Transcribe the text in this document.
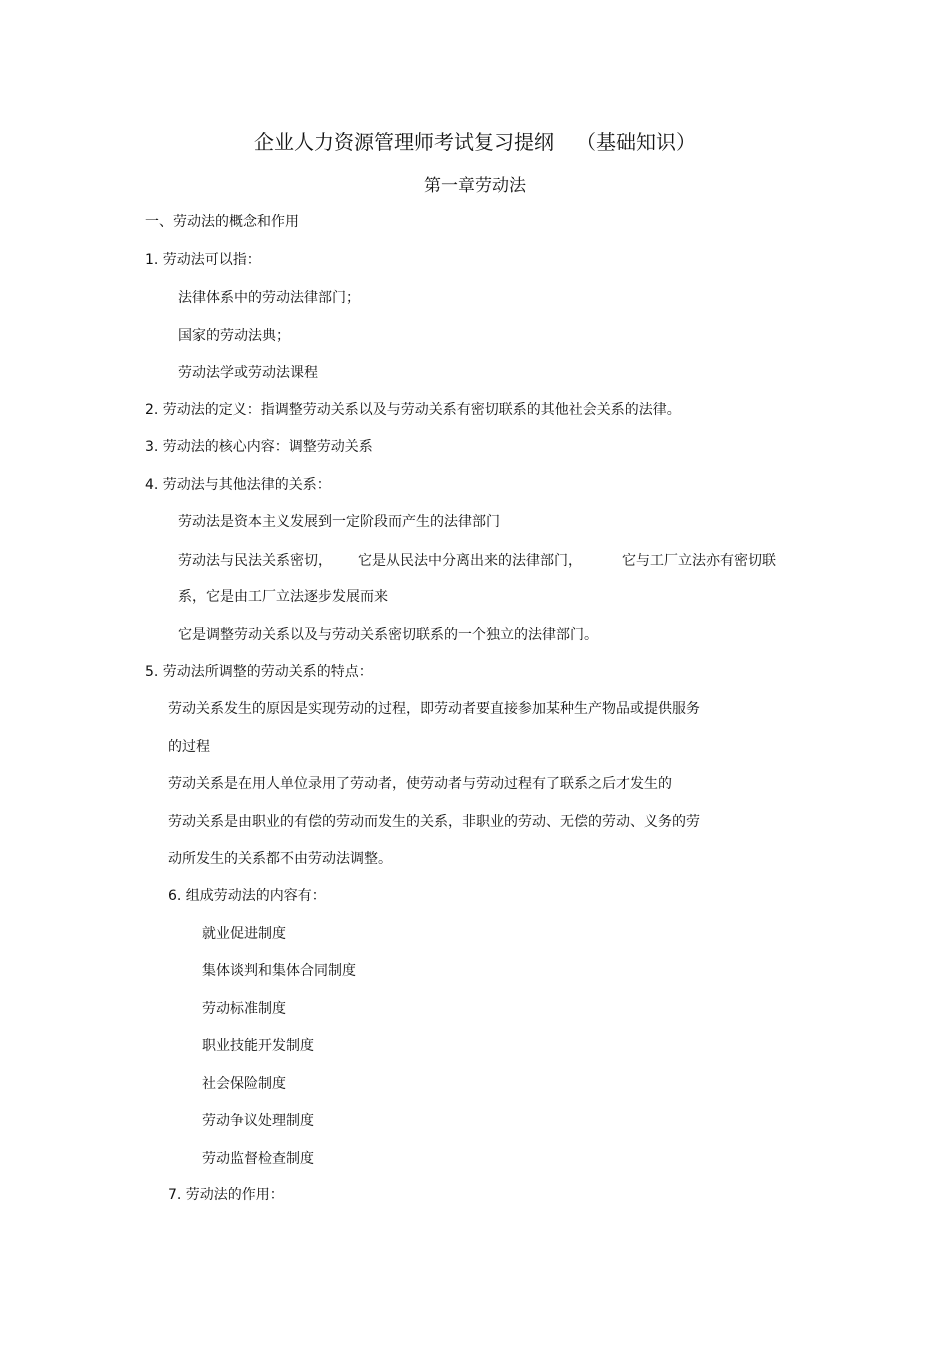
企业人力资源管理师考试复习提纲 （基础知识）
第一章劳动法
一、劳动法的概念和作用
1. 劳动法可以指：
法律体系中的劳动法律部门；
国家的劳动法典；
劳动法学或劳动法课程
2. 劳动法的定义：指调整劳动关系以及与劳动关系有密切联系的其他社会关系的法律。
3. 劳动法的核心内容：调整劳动关系
4. 劳动法与其他法律的关系：
劳动法是资本主义发展到一定阶段而产生的法律部门
劳动法与民法关系密切， 它是从民法中分离出来的法律部门，	它与工厂立法亦有密切联
系，它是由工厂立法逐步发展而来
它是调整劳动关系以及与劳动关系密切联系的一个独立的法律部门。
5. 劳动法所调整的劳动关系的特点：
劳动关系发生的原因是实现劳动的过程，即劳动者要直接参加某种生产物品或提供服务
的过程
劳动关系是在用人单位录用了劳动者，使劳动者与劳动过程有了联系之后才发生的
劳动关系是由职业的有偿的劳动而发生的关系，非职业的劳动、无偿的劳动、义务的劳
动所发生的关系都不由劳动法调整。
6. 组成劳动法的内容有：
就业促进制度
集体谈判和集体合同制度
劳动标准制度
职业技能开发制度
社会保险制度
劳动争议处理制度
劳动监督检查制度
7. 劳动法的作用：
